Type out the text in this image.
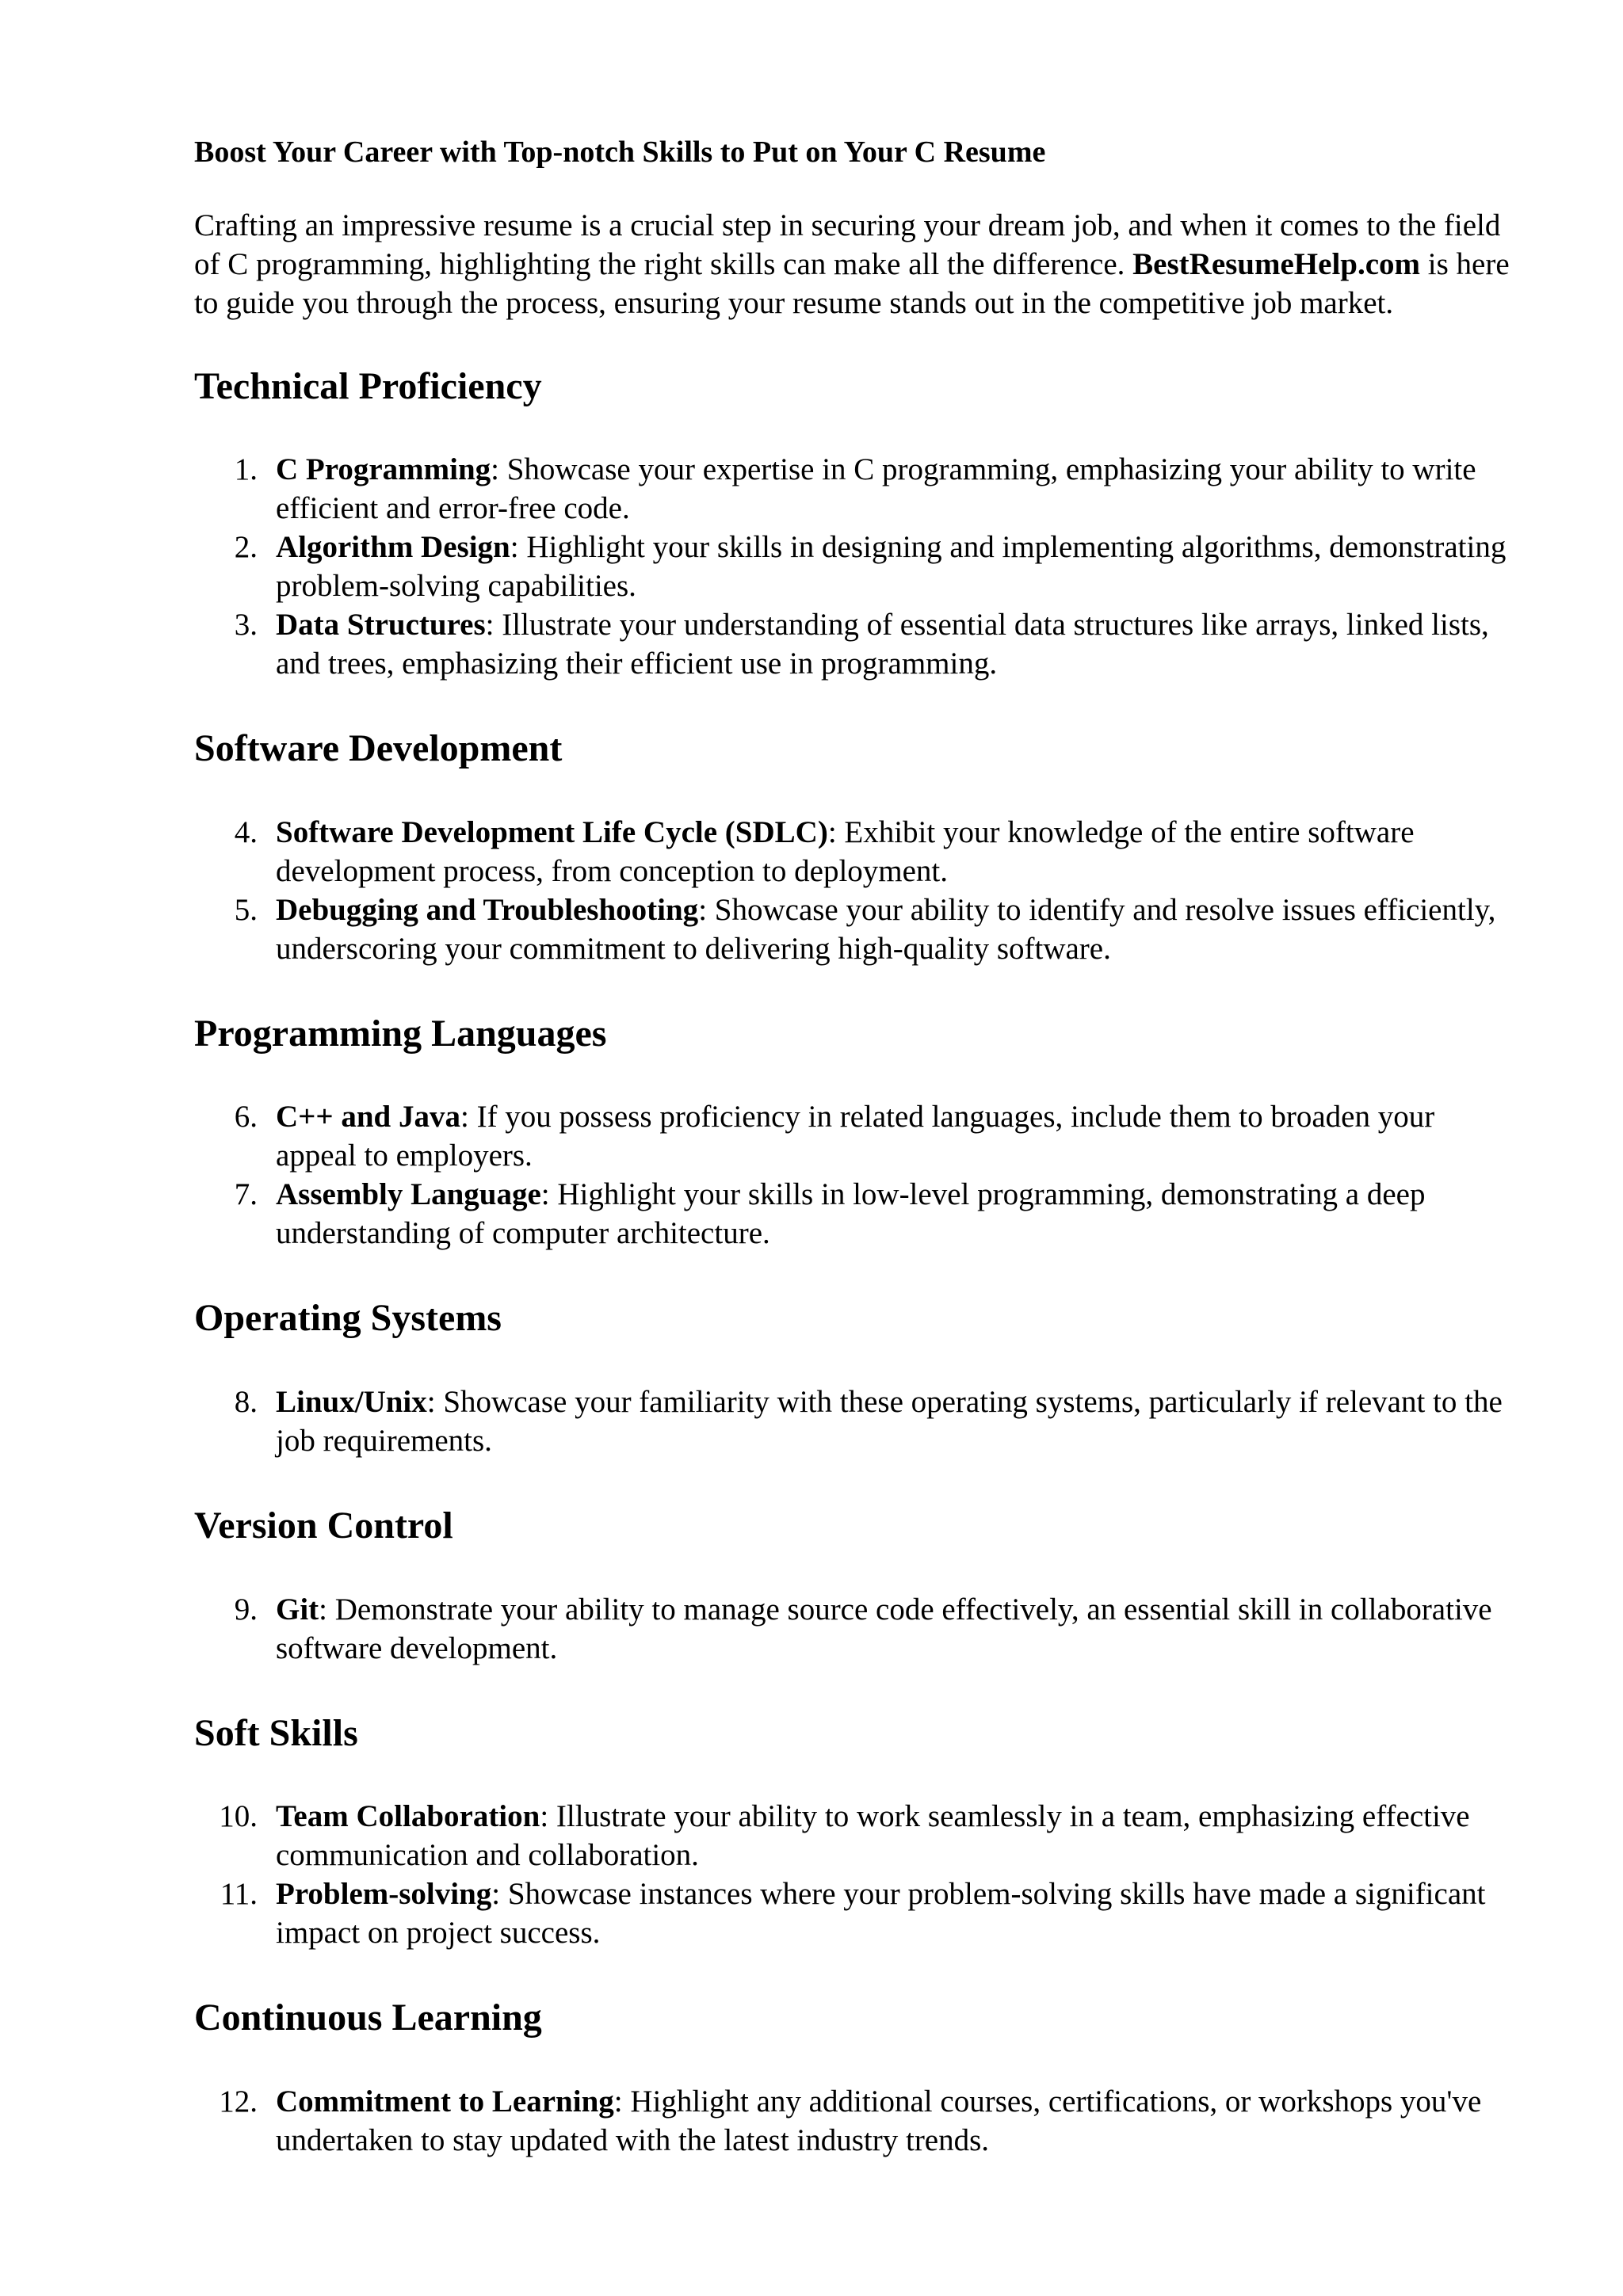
Boost Your Career with Top-notch Skills to Put on Your C Resume

Crafting an impressive resume is a crucial step in securing your dream job, and when it comes to the field of C programming, highlighting the right skills can make all the difference. BestResumeHelp.com is here to guide you through the process, ensuring your resume stands out in the competitive job market.

Technical Proficiency
1. C Programming: Showcase your expertise in C programming, emphasizing your ability to write efficient and error-free code.
2. Algorithm Design: Highlight your skills in designing and implementing algorithms, demonstrating problem-solving capabilities.
3. Data Structures: Illustrate your understanding of essential data structures like arrays, linked lists, and trees, emphasizing their efficient use in programming.
Software Development
4. Software Development Life Cycle (SDLC): Exhibit your knowledge of the entire software development process, from conception to deployment.
5. Debugging and Troubleshooting: Showcase your ability to identify and resolve issues efficiently, underscoring your commitment to delivering high-quality software.
Programming Languages
6. C++ and Java: If you possess proficiency in related languages, include them to broaden your appeal to employers.
7. Assembly Language: Highlight your skills in low-level programming, demonstrating a deep understanding of computer architecture.
Operating Systems
8. Linux/Unix: Showcase your familiarity with these operating systems, particularly if relevant to the job requirements.
Version Control
9. Git: Demonstrate your ability to manage source code effectively, an essential skill in collaborative software development.
Soft Skills
10. Team Collaboration: Illustrate your ability to work seamlessly in a team, emphasizing effective communication and collaboration.
11. Problem-solving: Showcase instances where your problem-solving skills have made a significant impact on project success.
Continuous Learning
12. Commitment to Learning: Highlight any additional courses, certifications, or workshops you've undertaken to stay updated with the latest industry trends.
